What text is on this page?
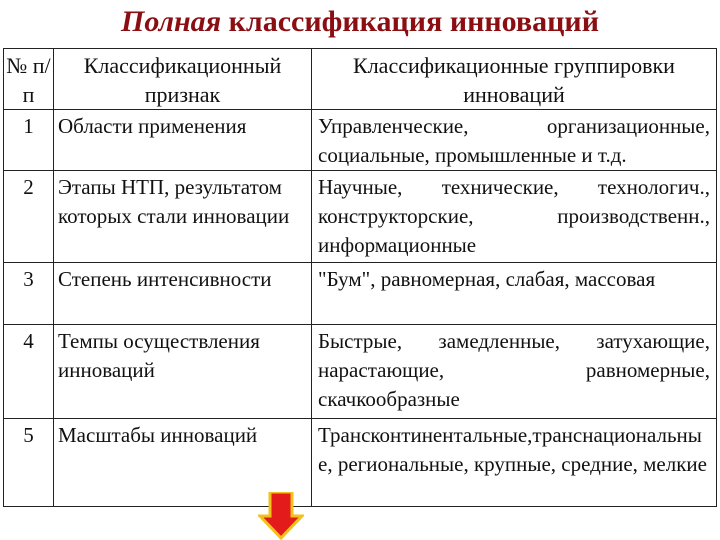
Полная классификация инноваций
№ п/п	Классификационный признак	Классификационные группировки инноваций
1	Области применения	Управленческие, организационные, социальные, промышленные и т.д.
2	Этапы НТП, результатом которых стали инновации	Научные, технические, технологич., конструкторские, производственн., информационные
3	Степень интенсивности	"Бум", равномерная, слабая, массовая
4	Темпы осуществления инноваций	Быстрые, замедленные, затухающие, нарастающие, равномерные, скачкообразные
5	Масштабы инноваций	Трансконтинентальные,транснациональные, региональные, крупные, средние, мелкие
